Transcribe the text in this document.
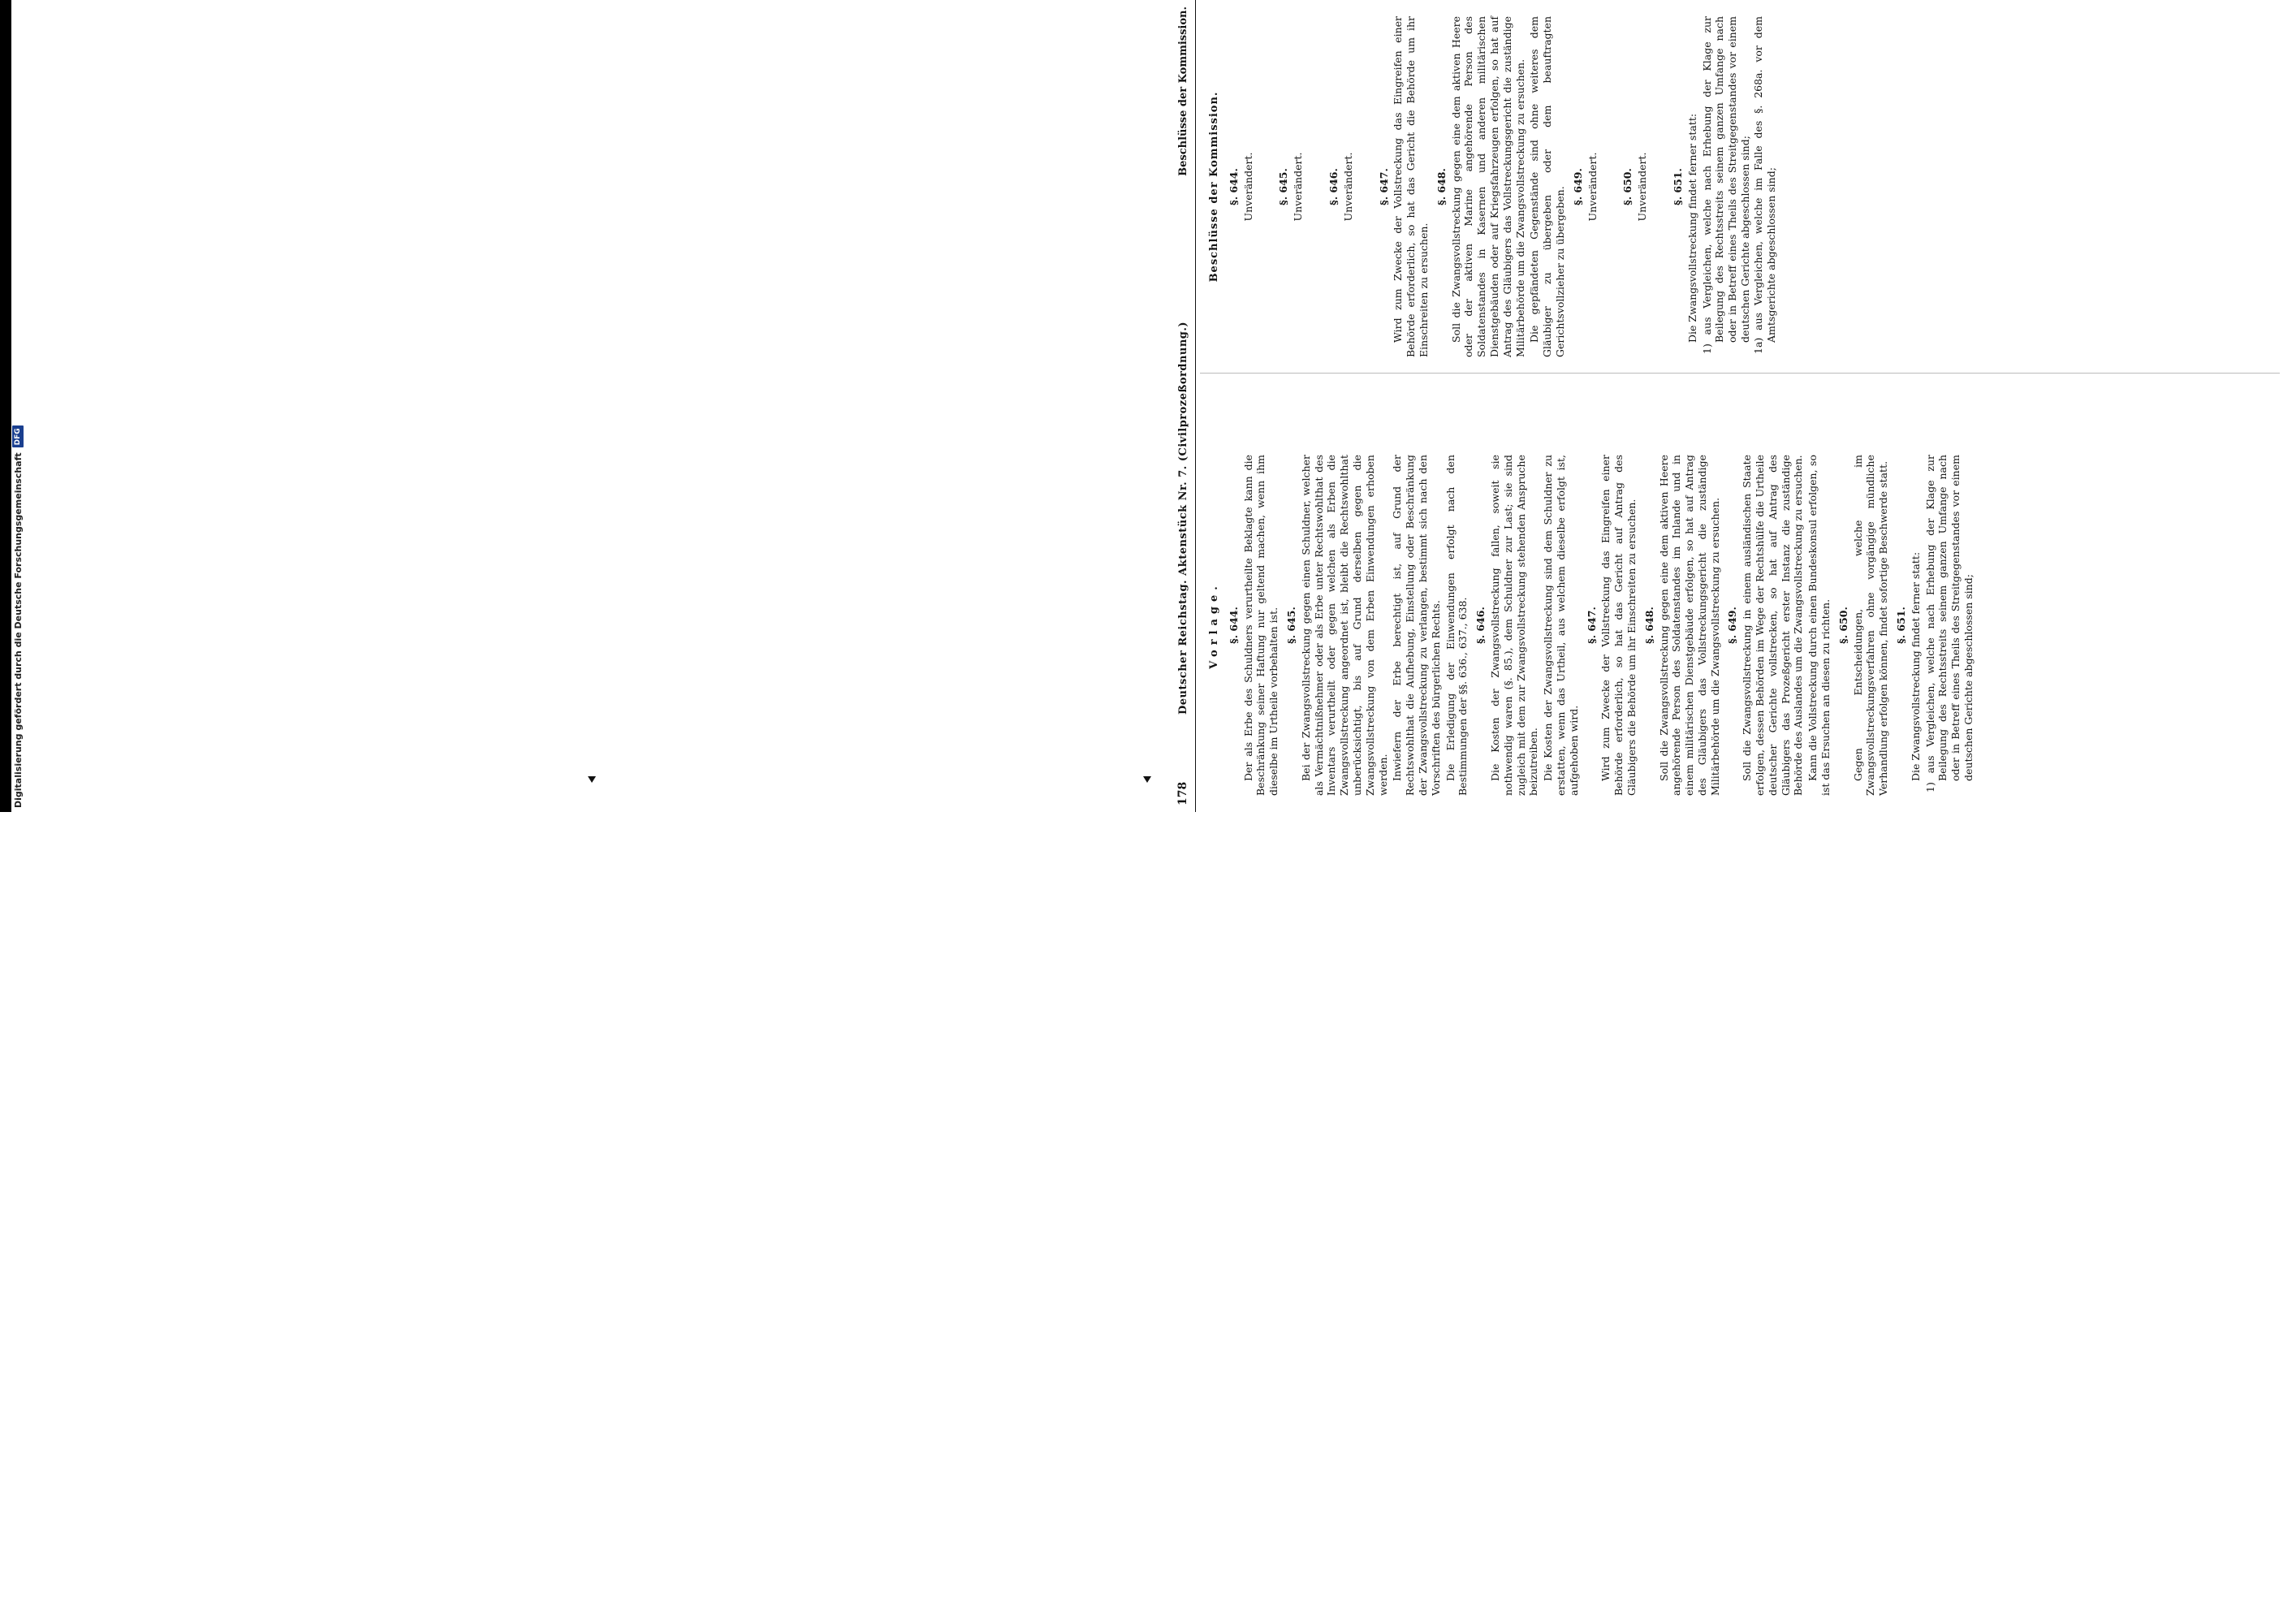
Digitalisierung gefördert durch die Deutsche Forschungsgemeinschaft
DFG
178
Deutscher Reichstag. Aktenstück Nr. 7. (Civilprozeßordnung.)
Beschlüsse der Kommission.
Vorlage. §. 644. Der als Erbe des Schuldners verurtheilte Beklagte kann die Beschränkung seiner Haftung nur geltend machen, wenn ihm dieselbe im Urtheile vorbehalten ist. §. 645. Bei der Zwangsvollstreckung gegen einen Schuldner, welcher als Vermächtnißnehmer oder als Erbe unter Rechtswohlthat des Inventars verurtheilt oder gegen welchen als Erben die Zwangsvollstreckung angeordnet ist, bleibt die Rechtswohlthat unberücksichtigt, bis auf Grund derselben gegen die Zwangsvollstreckung von dem Erben Einwendungen erhoben werden. Inwiefern der Erbe berechtigt ist, auf Grund der Rechtswohlthat die Aufhebung, Einstellung oder Beschränkung der Zwangsvollstreckung zu verlangen, bestimmt sich nach den Vorschriften des bürgerlichen Rechts. Die Erledigung der Einwendungen erfolgt nach den Bestimmungen der §§. 636., 637., 638. §. 646. Die Kosten der Zwangsvollstreckung fallen, soweit sie nothwendig waren (§. 85.), dem Schuldner zur Last; sie sind zugleich mit dem zur Zwangsvollstreckung stehenden Anspruche beizutreiben. Die Kosten der Zwangsvollstreckung sind dem Schuldner zu erstatten, wenn das Urtheil, aus welchem dieselbe erfolgt ist, aufgehoben wird.
§. 647. Wird zum Zwecke der Vollstreckung das Eingreifen einer Behörde erforderlich, so hat das Gericht auf Antrag des Gläubigers die Behörde um ihr Einschreiten zu ersuchen. §. 648. Soll die Zwangsvollstreckung gegen eine dem aktiven Heere angehörende Person des Soldatenstandes im Inlande und in einem militärischen Dienstgebäude erfolgen, so hat auf Antrag des Gläubigers das Vollstreckungsgericht die zuständige Militärbehörde um die Zwangsvollstreckung zu ersuchen. §. 649. Soll die Zwangsvollstreckung in einem ausländischen Staate erfolgen, dessen Behörden im Wege der Rechtshülfe die Urtheile deutscher Gerichte vollstrecken, so hat auf Antrag des Gläubigers das Prozeßgericht erster Instanz die zuständige Behörde des Auslandes um die Zwangsvollstreckung zu ersuchen. Kann die Vollstreckung durch einen Bundeskonsul erfolgen, so ist das Ersuchen an diesen zu richten. §. 650. Gegen Entscheidungen, welche im Zwangsvollstreckungsverfahren ohne vorgängige mündliche Verhandlung erfolgen können, findet sofortige Beschwerde statt. §. 651. Die Zwangsvollstreckung findet ferner statt: 1) aus Vergleichen, welche nach Erhebung der Klage zur Beilegung des Rechtsstreits seinem ganzen Umfange nach oder in Betreff eines Theils des Streitgegenstandes vor einem deutschen Gerichte abgeschlossen sind;
Beschlüsse der Kommission. §. 644. Unverändert. §. 645. Unverändert. §. 646. Unverändert. §. 647. Wird zum Zwecke der Vollstreckung das Eingreifen einer Behörde erforderlich, so hat das Gericht die Behörde um ihr Einschreiten zu ersuchen.
§. 648. Soll die Zwangsvollstreckung gegen eine dem aktiven Heere oder der aktiven Marine angehörende Person des Soldatenstandes in Kasernen und anderen militärischen Dienstgebäuden oder auf Kriegsfahrzeugen erfolgen, so hat auf Antrag des Gläubigers das Vollstreckungsgericht die zuständige Militärbehörde um die Zwangsvollstreckung zu ersuchen. Die gepfändeten Gegenstände sind ohne weiteres dem Gläubiger zu übergeben oder dem beauftragten Gerichtsvollzieher zu übergeben. §. 649. Unverändert. §. 650. Unverändert. §. 651. Die Zwangsvollstreckung findet ferner statt: 1) aus Vergleichen, welche nach Erhebung der Klage zur Beilegung des Rechtsstreits seinem ganzen Umfange nach oder in Betreff eines Theils des Streitgegenstandes vor einem deutschen Gerichte abgeschlossen sind; 1a) aus Vergleichen, welche im Falle des §. 268a. vor dem Amtsgerichte abgeschlossen sind;
